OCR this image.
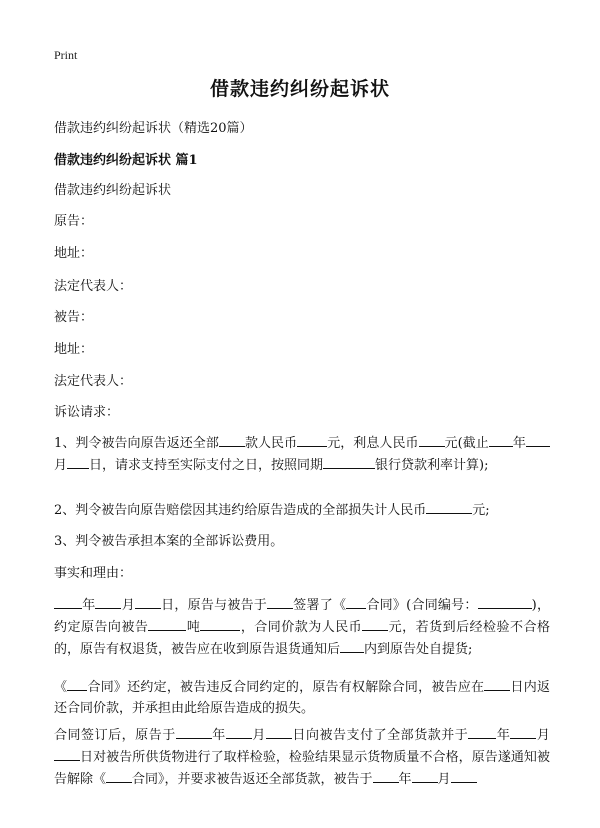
Print
借款违约纠纷起诉状
借款违约纠纷起诉状（精选20篇）
借款违约纠纷起诉状 篇1
借款违约纠纷起诉状
原告：
地址：
法定代表人：
被告：
地址：
法定代表人：
诉讼请求：
1、判令被告向原告返还全部 款人民币 元，利息人民币 元(截止 年月 日，请求支持至实际支付之日，按照同期	银行贷款利率计算);
2、判令被告向原告赔偿因其违约给原告造成的全部损失计人民币	元;
3、判令被告承担本案的全部诉讼费用。
事实和理由：
年 月 日，原告与被告于 签署了《 合同》(合同编号：	)，约定原告向被告	吨	，合同价款为人民币 元，若货到后经检验不合格的，原告有权退货，被告应在收到原告退货通知后 内到原告处自提货;
《 合同》还约定，被告违反合同约定的，原告有权解除合同，被告应在 日内返还合同价款，并承担由此给原告造成的损失。
合同签订后，原告于	年 月 日向被告支付了全部货款并于 年 月日对被告所供货物进行了取样检验，检验结果显示货物质量不合格，原告遂通知被告解除《 合同》，并要求被告返还全部货款，被告于 年 月
